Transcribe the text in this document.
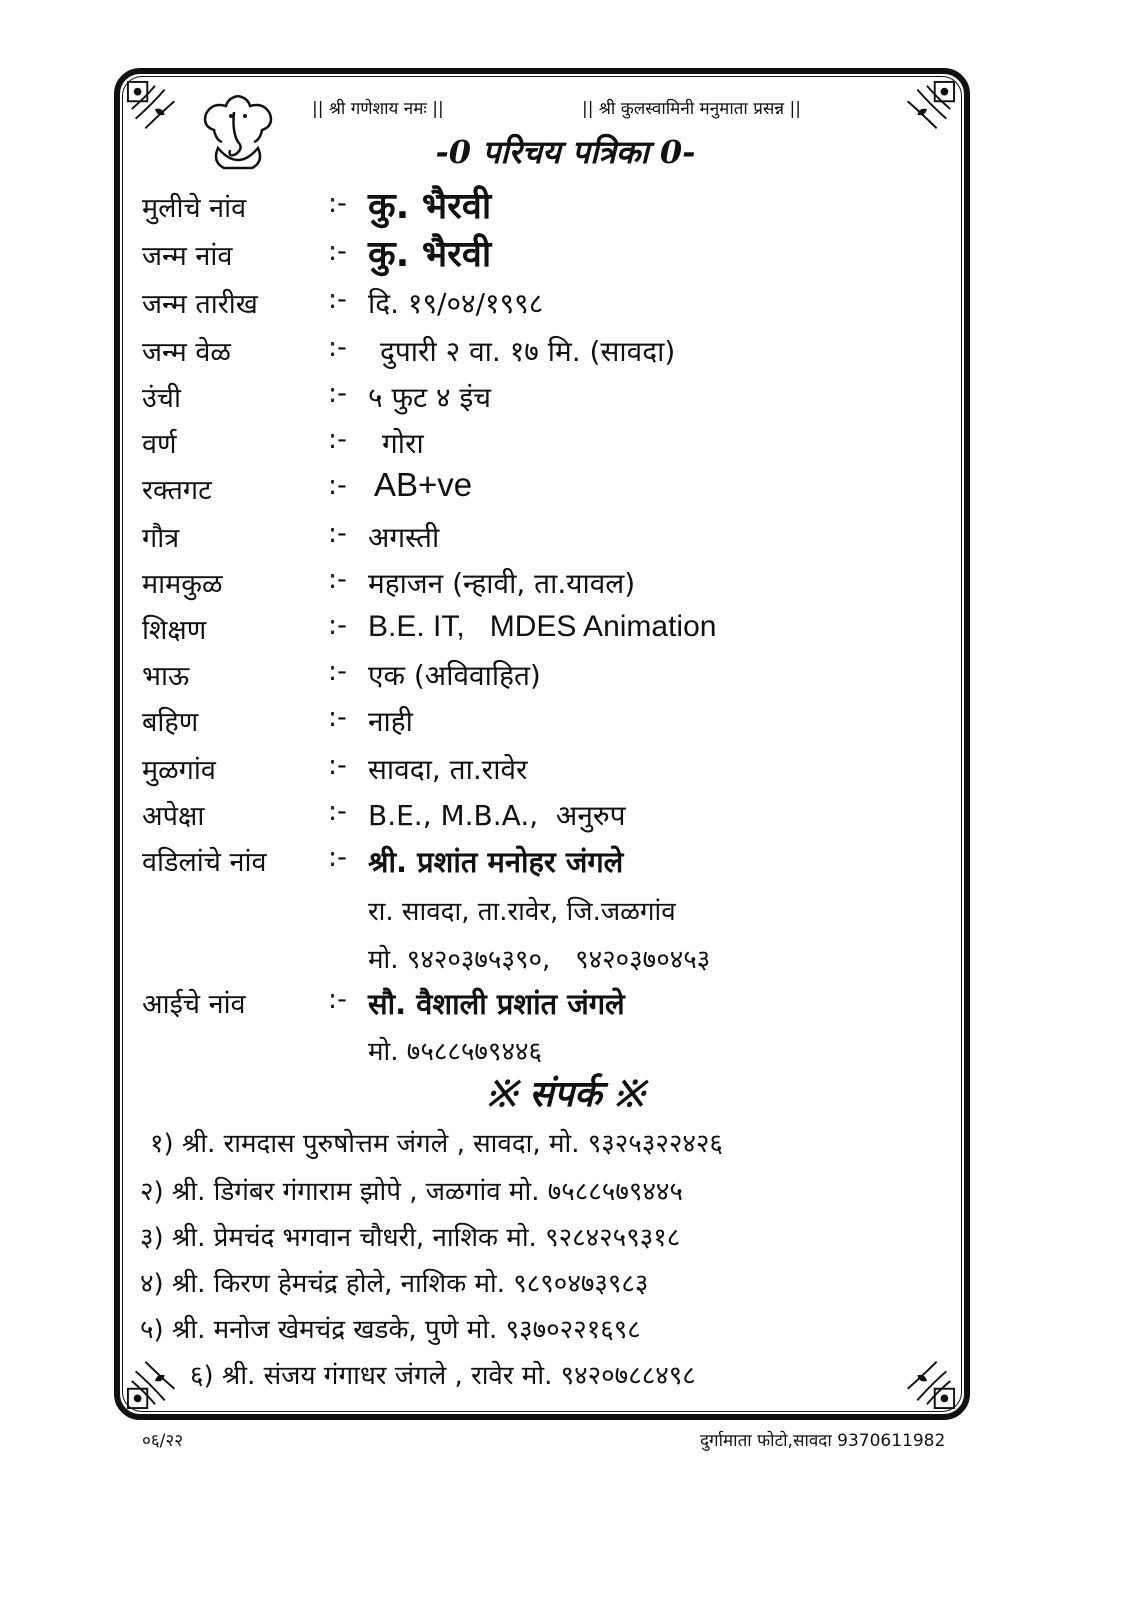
|| श्री गणेशाय नमः ||	|| श्री कुलस्वामिनी मनुमाता प्रसन्न ||
-0 परिचय पत्रिका 0-
मुलीचे नांव	:- कु. भैरवी
जन्म नांव	:- कु. भैरवी
जन्म तारीख	:- दि. १९/०४/१९९८
जन्म वेळ	:- दुपारी २ वा. १७ मि. (सावदा)
उंची	:- ५ फुट ४ इंच
वर्ण	:- गोरा
रक्तगट	:- AB+ve
गौत्र	:- अगस्ती
मामकुळ	:- महाजन (न्हावी, ता.यावल)
शिक्षण	:- B.E. IT,   MDES Animation
भाऊ	:- एक (अविवाहित)
बहिण	:- नाही
मुळगांव	:- सावदा, ता.रावेर
अपेक्षा	:- B.E., M.B.A.,  अनुरुप
वडिलांचे नांव :- श्री. प्रशांत मनोहर जंगले
रा. सावदा, ता.रावेर, जि.जळगांव
मो. ९४२०३७५३९०,   ९४२०३७०४५३
आईचे नांव	:- सौ. वैशाली प्रशांत जंगले
मो. ७५८८५७९४४६
※ संपर्क ※
१) श्री. रामदास पुरुषोत्तम जंगले , सावदा, मो. ९३२५३२२४२६
२) श्री. डिगंबर गंगाराम झोपे , जळगांव मो. ७५८८५७९४४५
३) श्री. प्रेमचंद भगवान चौधरी, नाशिक मो. ९२८४२५९३१८
४) श्री. किरण हेमचंद्र होले, नाशिक मो. ९८९०४७३९८३
५) श्री. मनोज खेमचंद्र खडके, पुणे मो. ९३७०२२१६९८
६) श्री. संजय गंगाधर जंगले , रावेर मो. ९४२०७८८४९८
०६/२२	दुर्गामाता फोटो,सावदा 9370611982
